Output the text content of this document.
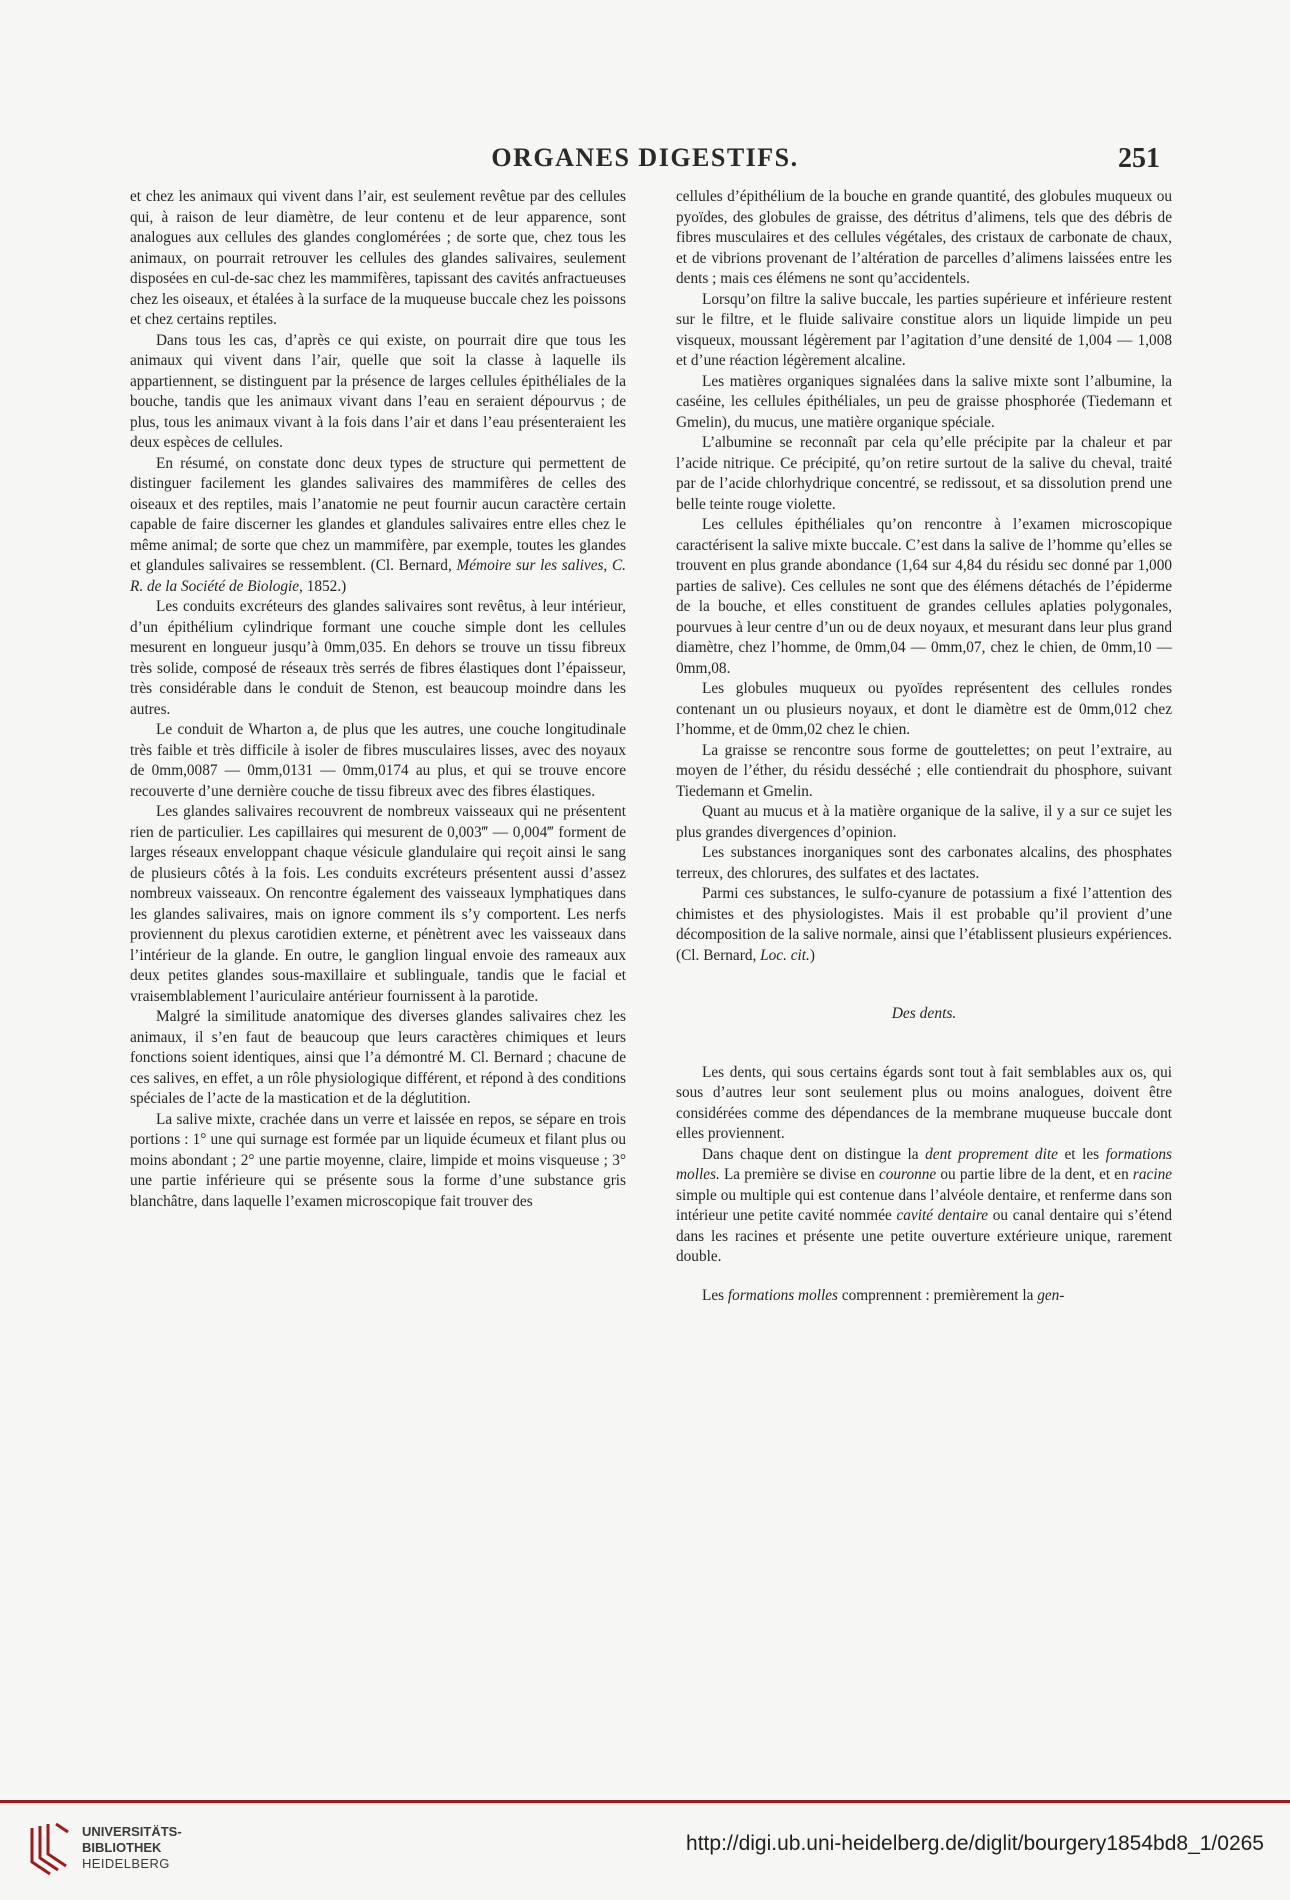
ORGANES DIGESTIFS.	251

et chez les animaux qui vivent dans l’air, est seulement revêtue par des cellules qui, à raison de leur diamètre, de leur contenu et de leur apparence, sont analogues aux cellules des glandes conglomérées ; de sorte que, chez tous les animaux, on pourrait retrouver les cellules des glandes salivaires, seulement disposées en cul-de-sac chez les mammifères, tapissant des cavités anfractueuses chez les oiseaux, et étalées à la surface de la muqueuse buccale chez les poissons et chez certains reptiles.

Dans tous les cas, d’après ce qui existe, on pourrait dire que tous les animaux qui vivent dans l’air, quelle que soit la classe à laquelle ils appartiennent, se distinguent par la présence de larges cellules épithéliales de la bouche, tandis que les animaux vivant dans l’eau en seraient dépourvus ; de plus, tous les animaux vivant à la fois dans l’air et dans l’eau présenteraient les deux espèces de cellules.

En résumé, on constate donc deux types de structure qui permettent de distinguer facilement les glandes salivaires des mammifères de celles des oiseaux et des reptiles, mais l’anatomie ne peut fournir aucun caractère certain capable de faire discerner les glandes et glandules salivaires entre elles chez le même animal; de sorte que chez un mammifère, par exemple, toutes les glandes et glandules salivaires se ressemblent. (Cl. Bernard, Mémoire sur les salives, C. R. de la Société de Biologie, 1852.)

Les conduits excréteurs des glandes salivaires sont revêtus, à leur intérieur, d’un épithélium cylindrique formant une couche simple dont les cellules mesurent en longueur jusqu’à 0mm,035. En dehors se trouve un tissu fibreux très solide, composé de réseaux très serrés de fibres élastiques dont l’épaisseur, très considérable dans le conduit de Stenon, est beaucoup moindre dans les autres.

Le conduit de Wharton a, de plus que les autres, une couche longitudinale très faible et très difficile à isoler de fibres musculaires lisses, avec des noyaux de 0mm,0087 — 0mm,0131 — 0mm,0174 au plus, et qui se trouve encore recouverte d’une dernière couche de tissu fibreux avec des fibres élastiques.

Les glandes salivaires recouvrent de nombreux vaisseaux qui ne présentent rien de particulier. Les capillaires qui mesurent de 0,003‴ — 0,004‴ forment de larges réseaux enveloppant chaque vésicule glandulaire qui reçoit ainsi le sang de plusieurs côtés à la fois. Les conduits excréteurs présentent aussi d’assez nombreux vaisseaux. On rencontre également des vaisseaux lymphatiques dans les glandes salivaires, mais on ignore comment ils s’y comportent. Les nerfs proviennent du plexus carotidien externe, et pénètrent avec les vaisseaux dans l’intérieur de la glande. En outre, le ganglion lingual envoie des rameaux aux deux petites glandes sous-maxillaire et sublinguale, tandis que le facial et vraisemblablement l’auriculaire antérieur fournissent à la parotide.

Malgré la similitude anatomique des diverses glandes salivaires chez les animaux, il s’en faut de beaucoup que leurs caractères chimiques et leurs fonctions soient identiques, ainsi que l’a démontré M. Cl. Bernard ; chacune de ces salives, en effet, a un rôle physiologique différent, et répond à des conditions spéciales de l’acte de la mastication et de la déglutition.

La salive mixte, crachée dans un verre et laissée en repos, se sépare en trois portions : 1° une qui surnage est formée par un liquide écumeux et filant plus ou moins abondant ; 2° une partie moyenne, claire, limpide et moins visqueuse ; 3° une partie inférieure qui se présente sous la forme d’une substance gris blanchâtre, dans laquelle l’examen microscopique fait trouver des

cellules d’épithélium de la bouche en grande quantité, des globules muqueux ou pyoïdes, des globules de graisse, des détritus d’alimens, tels que des débris de fibres musculaires et des cellules végétales, des cristaux de carbonate de chaux, et de vibrions provenant de l’altération de parcelles d’alimens laissées entre les dents ; mais ces élémens ne sont qu’accidentels.

Lorsqu’on filtre la salive buccale, les parties supérieure et inférieure restent sur le filtre, et le fluide salivaire constitue alors un liquide limpide un peu visqueux, moussant légèrement par l’agitation d’une densité de 1,004 — 1,008 et d’une réaction légèrement alcaline.

Les matières organiques signalées dans la salive mixte sont l’albumine, la caséine, les cellules épithéliales, un peu de graisse phosphorée (Tiedemann et Gmelin), du mucus, une matière organique spéciale.

L’albumine se reconnaît par cela qu’elle précipite par la chaleur et par l’acide nitrique. Ce précipité, qu’on retire surtout de la salive du cheval, traité par de l’acide chlorhydrique concentré, se redissout, et sa dissolution prend une belle teinte rouge violette.

Les cellules épithéliales qu’on rencontre à l’examen microscopique caractérisent la salive mixte buccale. C’est dans la salive de l’homme qu’elles se trouvent en plus grande abondance (1,64 sur 4,84 du résidu sec donné par 1,000 parties de salive). Ces cellules ne sont que des élémens détachés de l’épiderme de la bouche, et elles constituent de grandes cellules aplaties polygonales, pourvues à leur centre d’un ou de deux noyaux, et mesurant dans leur plus grand diamètre, chez l’homme, de 0mm,04 — 0mm,07, chez le chien, de 0mm,10 — 0mm,08.

Les globules muqueux ou pyoïdes représentent des cellules rondes contenant un ou plusieurs noyaux, et dont le diamètre est de 0mm,012 chez l’homme, et de 0mm,02 chez le chien.

La graisse se rencontre sous forme de gouttelettes; on peut l’extraire, au moyen de l’éther, du résidu desséché ; elle contiendrait du phosphore, suivant Tiedemann et Gmelin.

Quant au mucus et à la matière organique de la salive, il y a sur ce sujet les plus grandes divergences d’opinion.

Les substances inorganiques sont des carbonates alcalins, des phosphates terreux, des chlorures, des sulfates et des lactates.

Parmi ces substances, le sulfo-cyanure de potassium a fixé l’attention des chimistes et des physiologistes. Mais il est probable qu’il provient d’une décomposition de la salive normale, ainsi que l’établissent plusieurs expériences. (Cl. Bernard, Loc. cit.)

Des dents.

Les dents, qui sous certains égards sont tout à fait semblables aux os, qui sous d’autres leur sont seulement plus ou moins analogues, doivent être considérées comme des dépendances de la membrane muqueuse buccale dont elles proviennent.

Dans chaque dent on distingue la dent proprement dite et les formations molles. La première se divise en couronne ou partie libre de la dent, et en racine simple ou multiple qui est contenue dans l’alvéole dentaire, et renferme dans son intérieur une petite cavité nommée cavité dentaire ou canal dentaire qui s’étend dans les racines et présente une petite ouverture extérieure unique, rarement double.

Les formations molles comprennent : premièrement la gen-

UNIVERSITÄTS-
BIBLIOTHEK
HEIDELBERG
http://digi.ub.uni-heidelberg.de/diglit/bourgery1854bd8_1/0265
